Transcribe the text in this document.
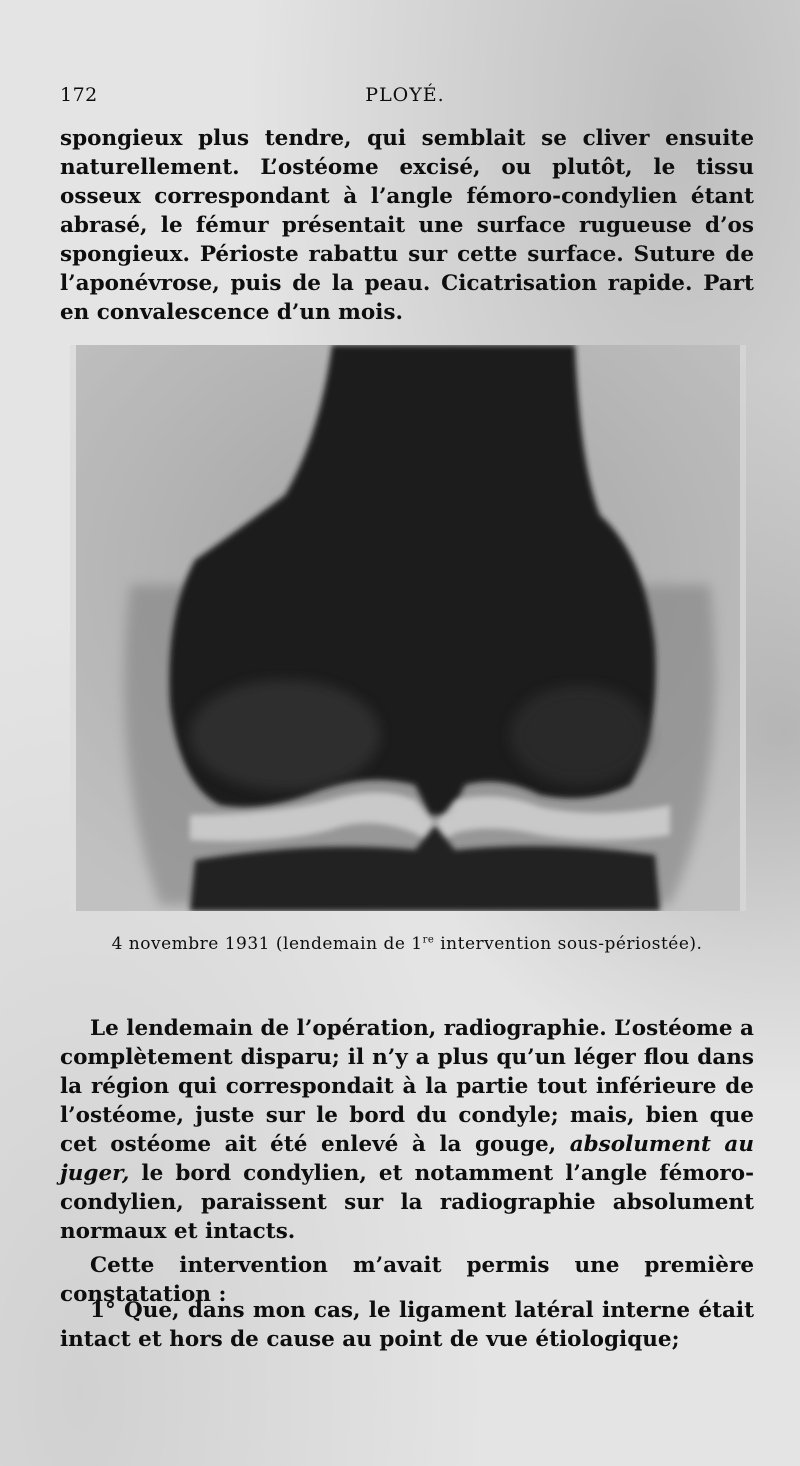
172	PLOYÉ.

spongieux plus tendre, qui semblait se cliver ensuite naturellement. L’ostéome excisé, ou plutôt, le tissu osseux correspondant à l’angle fémoro-condylien étant abrasé, le fémur présentait une surface rugueuse d’os spongieux. Périoste rabattu sur cette surface. Suture de l’aponévrose, puis de la peau. Cicatrisation rapide. Part en convalescence d’un mois.

4 novembre 1931 (lendemain de 1re intervention sous-périostée).

Le lendemain de l’opération, radiographie. L’ostéome a complètement disparu; il n’y a plus qu’un léger flou dans la région qui correspondait à la partie tout inférieure de l’ostéome, juste sur le bord du condyle; mais, bien que cet ostéome ait été enlevé à la gouge, absolument au juger, le bord condylien, et notamment l’angle fémoro-condylien, paraissent sur la radiographie absolument normaux et intacts.

Cette intervention m’avait permis une première constatation :

1° Que, dans mon cas, le ligament latéral interne était intact et hors de cause au point de vue étiologique;
